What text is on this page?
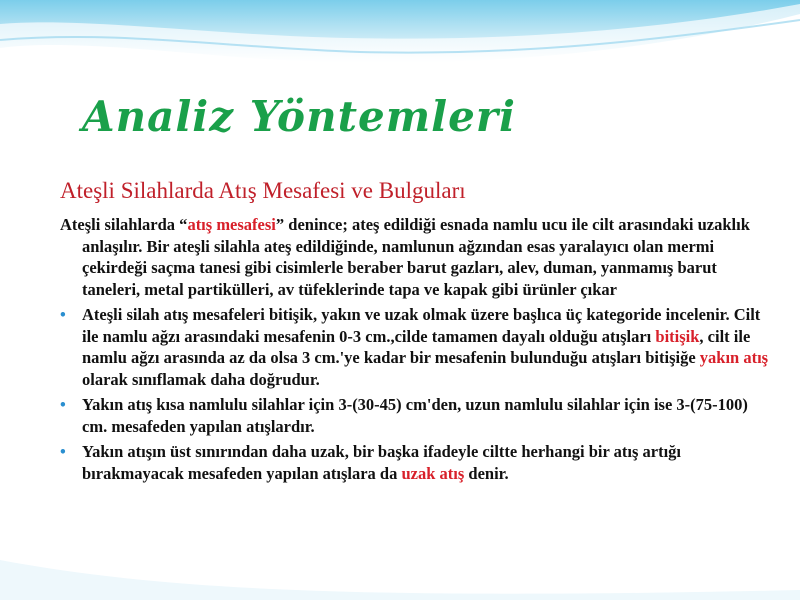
Analiz Yöntemleri
Ateşli Silahlarda Atış Mesafesi ve Bulguları

Ateşli silahlarda “atış mesafesi” denince; ateş edildiği esnada namlu ucu ile cilt arasındaki uzaklık anlaşılır. Bir ateşli silahla ateş edildiğinde, namlunun ağzından esas yaralayıcı olan mermi çekirdeği saçma tanesi gibi cisimlerle beraber barut gazları, alev, duman, yanmamış barut taneleri, metal partikülleri, av tüfeklerinde tapa ve kapak gibi ürünler çıkar

• Ateşli silah atış mesafeleri bitişik, yakın ve uzak olmak üzere başlıca üç kategoride incelenir. Cilt ile namlu ağzı arasındaki mesafenin 0-3 cm.,cilde tamamen dayalı olduğu atışları bitişik, cilt ile namlu ağzı arasında az da olsa 3 cm.'ye kadar bir mesafenin bulunduğu atışları bitişiğe yakın atış olarak sınıflamak daha doğrudur.

• Yakın atış kısa namlulu silahlar için 3-(30-45) cm'den, uzun namlulu silahlar için ise 3-(75-100) cm. mesafeden yapılan atışlardır.

• Yakın atışın üst sınırından daha uzak, bir başka ifadeyle ciltte herhangi bir atış artığı bırakmayacak mesafeden yapılan atışlara da uzak atış denir.
